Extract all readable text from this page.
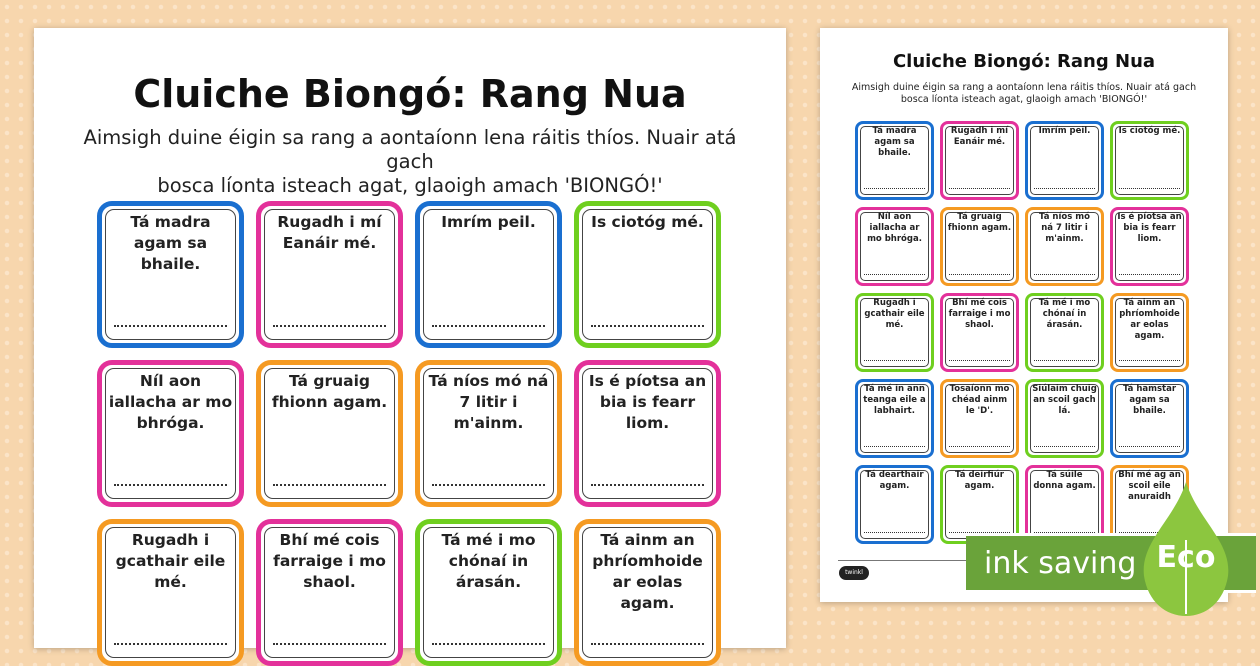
Cluiche Biongó: Rang Nua
Aimsigh duine éigin sa rang a aontaíonn lena ráitis thíos. Nuair atá gach
bosca líonta isteach agat, glaoigh amach 'BIONGÓ!'
Tá madra agam sa bhaile.
Rugadh i mí Eanáir mé.
Imrím peil.	Is ciotóg mé.
Níl aon iallacha ar mo bhróga.
Tá gruaig fhionn agam.
Tá níos mó ná 7 litir i m'ainm.
Is é píotsa an bia is fearr liom.
Rugadh i gcathair eile mé.
Bhí mé cois farraige i mo shaol.
Tá mé i mo chónaí in árasán.
Tá ainm an phríomhoide ar eolas agam.
Cluiche Biongó: Rang Nua
Aimsigh duine éigin sa rang a aontaíonn lena ráitis thíos. Nuair atá gach
bosca líonta isteach agat, glaoigh amach 'BIONGÓ!'
Tá madra agam sa bhaile.
Rugadh i mí Eanáir mé.
Imrím peil.	Is ciotóg mé.
Níl aon iallacha ar mo bhróga.
Tá gruaig fhionn agam.
Tá níos mó ná 7 litir i m'ainm.
Is é píotsa an bia is fearr liom.
Rugadh i gcathair eile mé.
Bhí mé cois farraige i mo shaol.
Tá mé i mo chónaí in árasán.
Tá ainm an phríomhoide ar eolas agam.
Tá mé in ann teanga eile a labhairt.
Tosaíonn mo chéad ainm le 'D'.
Siúlaim chuig an scoil gach lá.
Tá hamstar agam sa bhaile.
Tá dearthair agam.
Tá deirfiúr agam.
Tá súile donna agam.
Bhí mé ag an scoil eile anuraidh
twinkl	ink saving Eco
